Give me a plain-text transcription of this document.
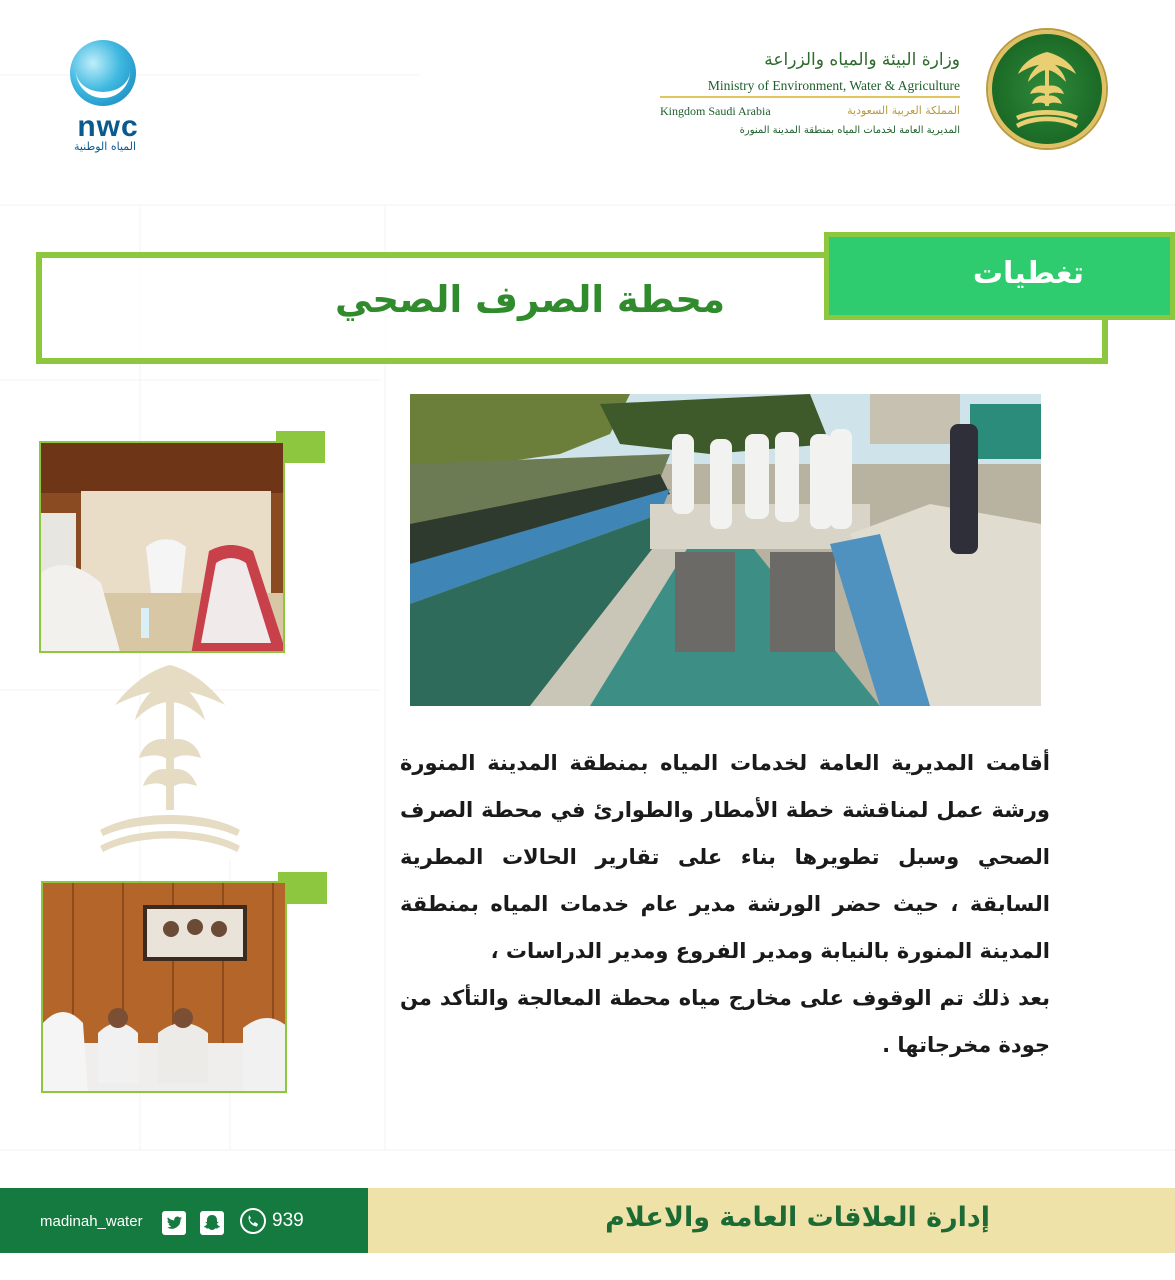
nwc
المياه الوطنية
وزارة البيئة والمياه والزراعة
Ministry of Environment, Water & Agriculture
Kingdom Saudi Arabia	المملكة العربية السعودية
المديرية العامة لخدمات المياه بمنطقة المدينة المنورة
محطة الصرف الصحي
تغطيات

أقامت المديرية العامة لخدمات المياه بمنطقة المدينة المنورة ورشة عمل لمناقشة خطة الأمطار والطوارئ في محطة الصرف الصحي وسبل تطويرها بناء على تقارير الحالات المطرية السابقة ، حيث حضر الورشة مدير عام خدمات المياه بمنطقة المدينة المنورة بالنيابة ومدير الفروع ومدير الدراسات ،

بعد ذلك تم الوقوف على مخارج مياه محطة المعالجة والتأكد من جودة مخرجاتها .

إدارة العلاقات العامة والاعلام
madinah_water	939
